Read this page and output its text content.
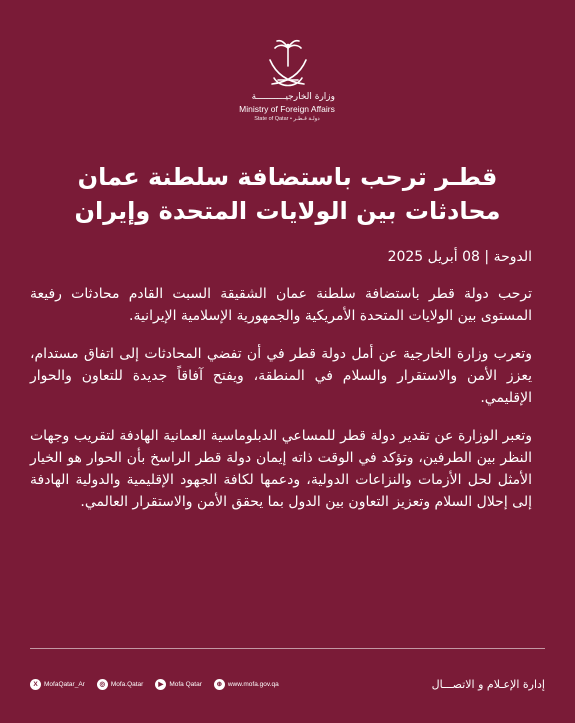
وزارة الخارجيـــــــــــة
Ministry of Foreign Affairs
State of Qatar • دولـة قـطـر
قطـر ترحب باستضافة سلطنة عمان
محادثات بين الولايات المتحدة وإيران
الدوحة | 08 أبريل 2025

ترحب دولة قطر باستضافة سلطنة عمان الشقيقة السبت القادم محادثات رفيعة المستوى بين الولايات المتحدة الأمريكية والجمهورية الإسلامية الإيرانية.

وتعرب وزارة الخارجية عن أمل دولة قطر في أن تفضي المحادثات إلى اتفاق مستدام، يعزز الأمن والاستقرار والسلام في المنطقة، ويفتح آفاقاً جديدة للتعاون والحوار الإقليمي.

وتعبر الوزارة عن تقدير دولة قطر للمساعي الدبلوماسية العمانية الهادفة لتقريب وجهات النظر بين الطرفين، وتؤكد في الوقت ذاته إيمان دولة قطر الراسخ بأن الحوار هو الخيار الأمثل لحل الأزمات والنزاعات الدولية، ودعمها لكافة الجهود الإقليمية والدولية الهادفة إلى إحلال السلام وتعزيز التعاون بين الدول بما يحقق الأمن والاستقرار العالمي.

X MofaQatar_Ar	◎ Mofa.Qatar	▶ Mofa Qatar	⊕ www.mofa.gov.qa	إدارة الإعـلام و الاتصـــال
